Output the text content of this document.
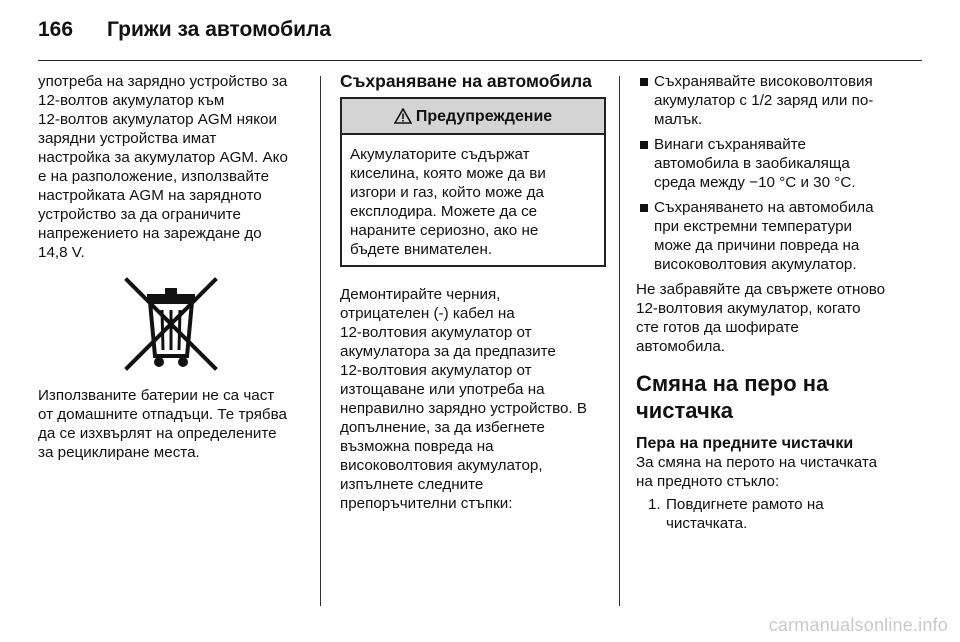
166 Грижи за автомобила

употреба на зарядно устройство за
12-волтов акумулатор към
12-волтов акумулатор AGM някои
зарядни устройства имат
настройка за акумулатор AGM. Ако
е на разположение, използвайте
настройката AGM на зарядното
устройство за да ограничите
напрежението на зареждане до
14,8 V.

Използваните батерии не са част
от домашните отпадъци. Те трябва
да се изхвърлят на определените
за рециклиране места.

Съхраняване на автомобила
Предупреждение

Акумулаторите съдържат
киселина, която може да ви
изгори и газ, който може да
експлодира. Можете да се
нараните сериозно, ако не
бъдете внимателен.

Демонтирайте черния,
отрицателен (-) кабел на
12-волтовия акумулатор от
акумулатора за да предпазите
12-волтовия акумулатор от
изтощаване или употреба на
неправилно зарядно устройство. В
допълнение, за да избегнете
възможна повреда на
високоволтовия акумулатор,
изпълнете следните
препоръчителни стъпки:

Съхранявайте високоволтовия
акумулатор с 1/2 заряд или по-
малък.

Винаги съхранявайте
автомобила в заобикаляща
среда между −10 °C и 30 °C.

Съхраняването на автомобила
при екстремни температури
може да причини повреда на
високоволтовия акумулатор.

Не забравяйте да свържете отново
12-волтовия акумулатор, когато
сте готов да шофирате
автомобила.

Смяна на перо на
чистачка
Пера на предните чистачки

За смяна на перото на чистачката
на предното стъкло:

1. Повдигнете рамото на
чистачката.

carmanualsonline.info
